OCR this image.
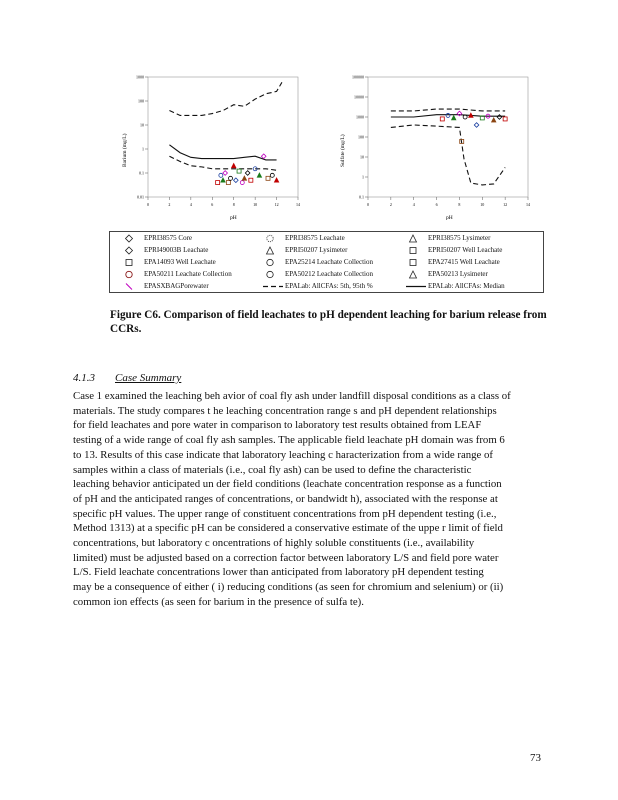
1000
100
10
1
0.1
0.01
0	2	4	6	8	10	12	14
Barium (mg/L)
pH
100000
10000
1000
100
10
1
0.1
0	2	4	6	8	10	12	14
Sulfate (mg/L)
pH
EPRI38575 Core	EPRI38575 Leachate	EPRI38575 Lysimeter
EPRI49003B Leachate	EPRI50207 Lysimeter	EPRI50207 Well Leachate
EPA14093 Well Leachate	EPA25214 Leachate Collection	EPA27415 Well Leachate
EPA50211 Leachate Collection	EPA50212 Leachate Collection	EPA50213 Lysimeter
EPASXBAGPorewater	EPALab: AllCFAs: 5th, 95th %	EPALab: AllCFAs: Median
Figure C6. Comparison of field leachates to pH dependent leaching for barium release from CCRs.
4.1.3 Case Summary
Case 1 examined the leaching beh avior of coal fly ash under landfill disposal conditions as a class of
materials. The study compares t he leaching concentration range s and pH dependent relationships
for field leachates and pore water in comparison to laboratory test results obtained from LEAF
testing of a wide range of coal fly ash samples. The applicable field leachate pH domain was from 6
to 13. Results of this case indicate that laboratory leaching c haracterization from a wide range of
samples within a class of materials (i.e., coal fly ash) can be used to define the characteristic
leaching behavior anticipated un der field conditions (leachate concentration response as a function
of pH and the anticipated ranges of concentrations, or bandwidt h), associated with the response at
specific pH values. The upper range of constituent concentrations from pH dependent testing (i.e.,
Method 1313) at a specific pH can be considered a conservative estimate of the uppe r limit of field
concentrations, but laboratory c oncentrations of highly soluble constituents (i.e., availability
limited) must be adjusted based on a correction factor between laboratory L/S and field pore water
L/S. Field leachate concentrations lower than anticipated from laboratory pH dependent testing
may be a consequence of either ( i) reducing conditions (as seen for chromium and selenium) or (ii)
common ion effects (as seen for barium in the presence of sulfa te).
73
